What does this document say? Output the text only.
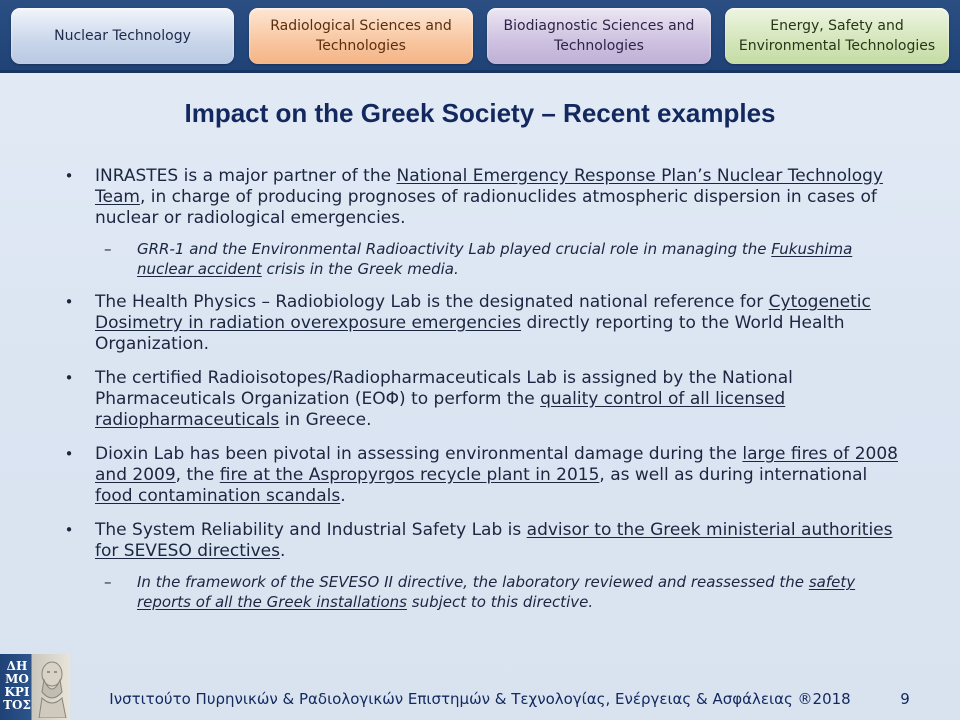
Nuclear Technology
Radiological Sciences and Technologies
Biodiagnostic Sciences and Technologies
Energy, Safety and Environmental Technologies
Impact on the Greek Society – Recent examples
• INRASTES is a major partner of the National Emergency Response Plan’s Nuclear Technology Team, in charge of producing prognoses of radionuclides atmospheric dispersion in cases of nuclear or radiological emergencies.
– GRR-1 and the Environmental Radioactivity Lab played crucial role in managing the Fukushima nuclear accident crisis in the Greek media.
• The Health Physics – Radiobiology Lab is the designated national reference for Cytogenetic Dosimetry in radiation overexposure emergencies directly reporting to the World Health Organization.
• The certified Radioisotopes/Radiopharmaceuticals Lab is assigned by the National Pharmaceuticals Organization (ΕΟΦ) to perform the quality control of all licensed radiopharmaceuticals in Greece.
• Dioxin Lab has been pivotal in assessing environmental damage during the large fires of 2008 and 2009, the fire at the Aspropyrgos recycle plant in 2015, as well as during international food contamination scandals.
• The System Reliability and Industrial Safety Lab is advisor to the Greek ministerial authorities for SEVESO directives.
– In the framework of the SEVESO II directive, the laboratory reviewed and reassessed the safety reports of all the Greek installations subject to this directive.
ΔΗΜΟΚΡΙΤΟΣ	Ινστιτούτο Πυρηνικών & Ραδιολογικών Επιστημών & Τεχνολογίας, Ενέργειας & Ασφάλειας ®2018	9
